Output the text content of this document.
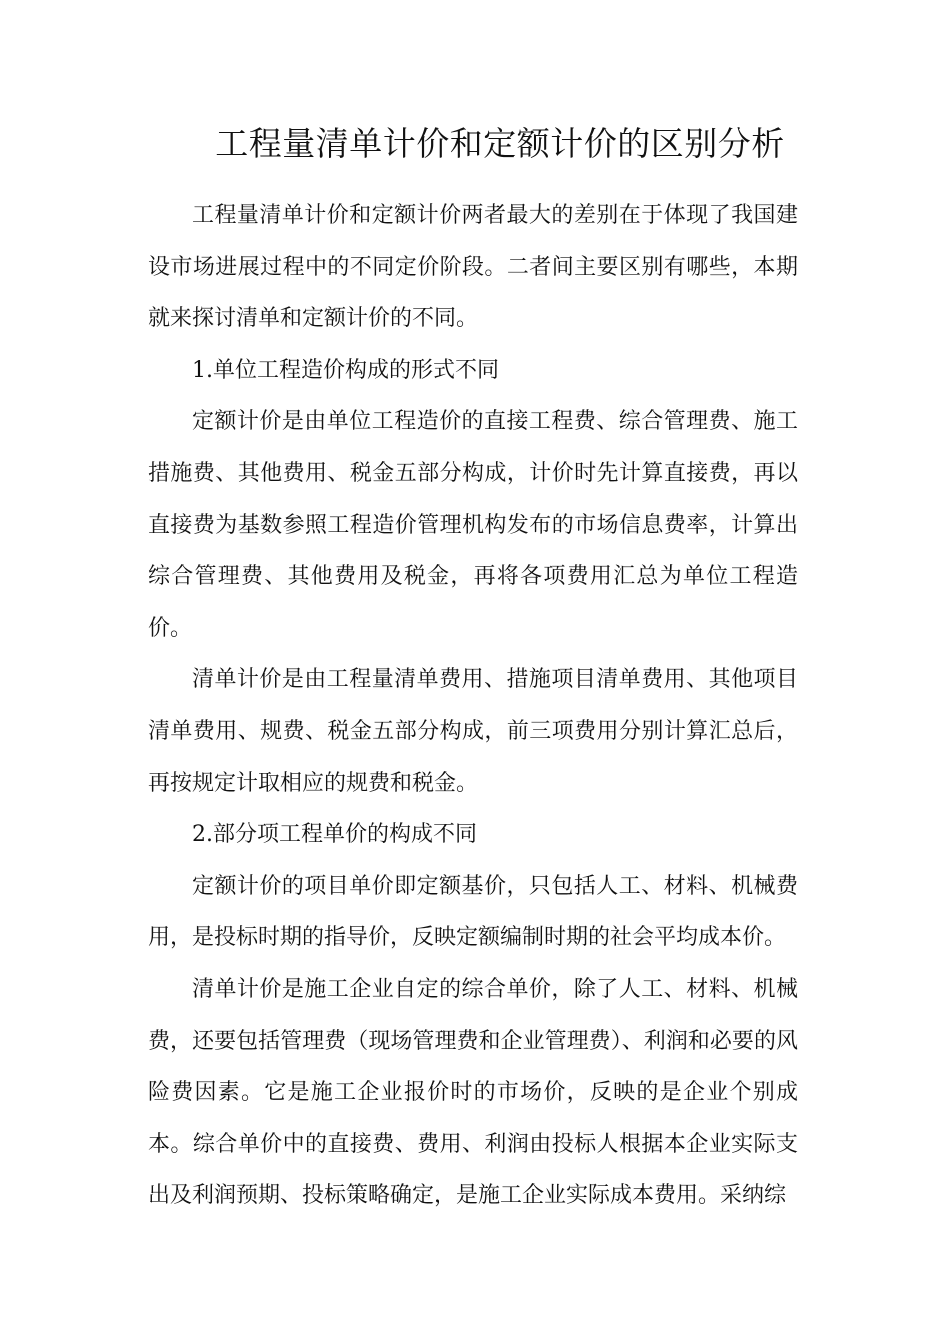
工程量清单计价和定额计价的区别分析

工程量清单计价和定额计价两者最大的差别在于体现了我国建设市场进展过程中的不同定价阶段。二者间主要区别有哪些，本期就来探讨清单和定额计价的不同。

1.单位工程造价构成的形式不同

定额计价是由单位工程造价的直接工程费、综合管理费、施工措施费、其他费用、税金五部分构成，计价时先计算直接费，再以直接费为基数参照工程造价管理机构发布的市场信息费率，计算出综合管理费、其他费用及税金，再将各项费用汇总为单位工程造价。

清单计价是由工程量清单费用、措施项目清单费用、其他项目清单费用、规费、税金五部分构成，前三项费用分别计算汇总后，再按规定计取相应的规费和税金。

2.部分项工程单价的构成不同

定额计价的项目单价即定额基价，只包括人工、材料、机械费用，是投标时期的指导价，反映定额编制时期的社会平均成本价。

清单计价是施工企业自定的综合单价，除了人工、材料、机械费，还要包括管理费（现场管理费和企业管理费）、利润和必要的风险费因素。它是施工企业报价时的市场价，反映的是企业个别成本。综合单价中的直接费、费用、利润由投标人根据本企业实际支出及利润预期、投标策略确定，是施工企业实际成本费用。采纳综
